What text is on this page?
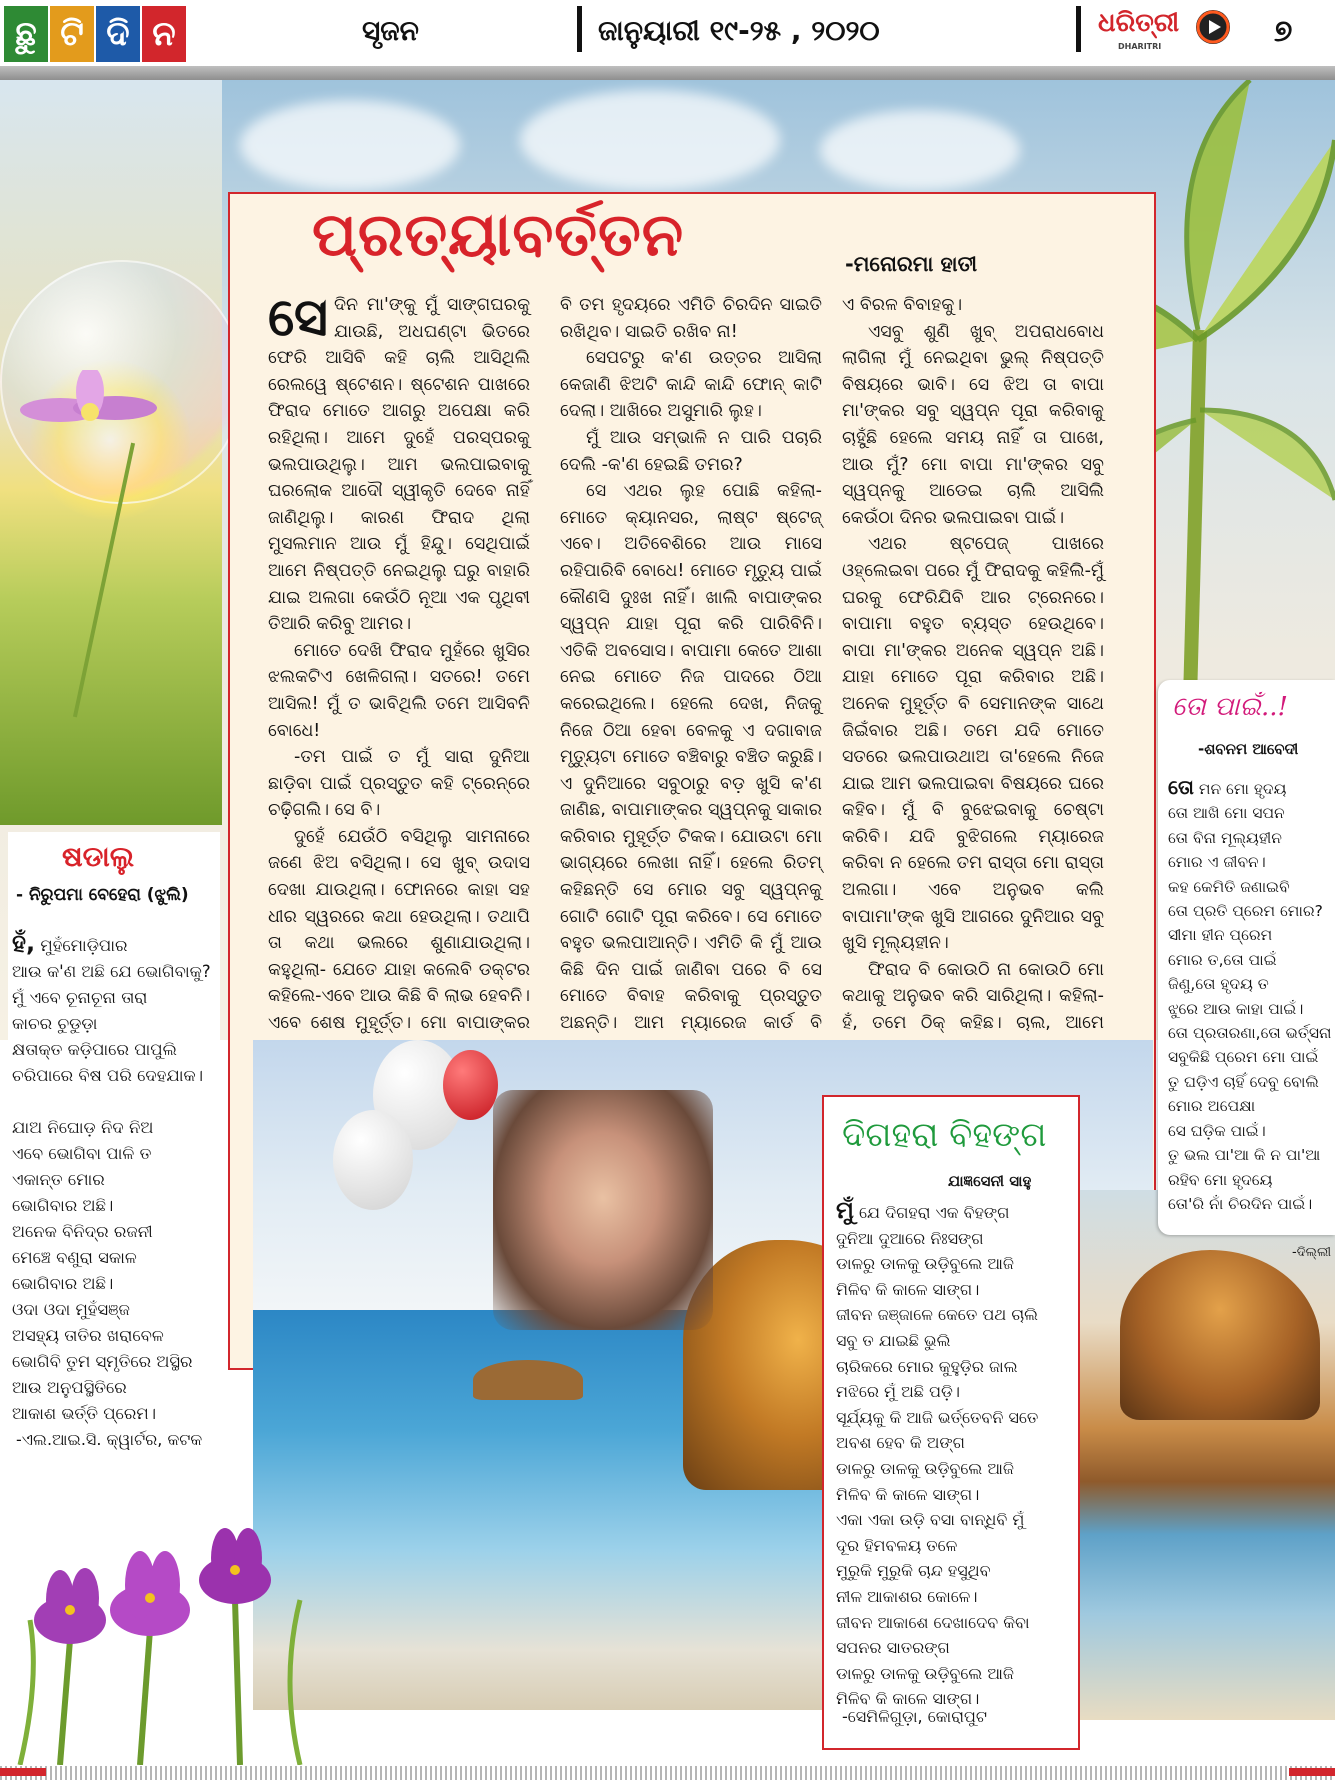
ଛୁ ଟି ଦି ନ	ସୃଜନ	ଜାନୁୟାରୀ ୧୯-୨୫ , ୨୦୨୦	ଧରିତ୍ରୀ
DHARITRI	୭
ପ୍ରତ୍ୟାବର୍ତ୍ତନ	-ମନୋରମା ହାତୀ

ସେଦିନ ମା'ଙ୍କୁ ମୁଁ ସାଙ୍ଗଘରକୁ ଯାଉଛି, ଅଧଘଣ୍ଟା ଭିତରେ ଫେରି ଆସିବି କହି ଚାଲି ଆସିଥିଲି ରେଲୱେ ଷ୍ଟେଶନ। ଷ୍ଟେଶନ ପାଖରେ ଫିରାଦ ମୋତେ ଆଗରୁ ଅପେକ୍ଷା କରି ରହିଥିଲା। ଆମେ ଦୁହେଁ ପରସ୍ପରକୁ ଭଲପାଉଥିଲୁ। ଆମ ଭଲପାଇବାକୁ ଘରଲୋକ ଆଦୌ ସ୍ୱୀକୃତି ଦେବେ ନାହିଁ ଜାଣିଥିଲୁ। କାରଣ ଫିରାଦ ଥିଲା ମୁସଲମାନ ଆଉ ମୁଁ ହିନ୍ଦୁ। ସେଥିପାଇଁ ଆମେ ନିଷ୍ପତ୍ତି ନେଇଥିଲୁ ଘରୁ ବାହାରି ଯାଇ ଅଲଗା କେଉଁଠି ନୂଆ ଏକ ପୃଥିବୀ ତିଆରି କରିବୁ ଆମର।

ମୋତେ ଦେଖି ଫିରାଦ ମୁହଁରେ ଖୁସିର ଝଲକଟିଏ ଖେଳିଗଲା। ସତରେ! ତମେ ଆସିଲ! ମୁଁ ତ ଭାବିଥିଲି ତମେ ଆସିବନି ବୋଧେ!

-ତମ ପାଇଁ ତ ମୁଁ ସାରା ଦୁନିଆ ଛାଡ଼ିବା ପାଇଁ ପ୍ରସ୍ତୁତ କହି ଟ୍ରେନ୍‌ରେ ଚଢ଼ିଗଲି। ସେ ବି।

ଦୁହେଁ ଯେଉଁଠି ବସିଥିଲୁ ସାମନାରେ ଜଣେ ଝିଅ ବସିଥିଲା। ସେ ଖୁବ୍ ଉଦାସ ଦେଖା ଯାଉଥିଲା। ଫୋନରେ କାହା ସହ ଧୀର ସ୍ୱରରେ କଥା ହେଉଥିଲା। ତଥାପି ତା କଥା ଭଲରେ ଶୁଣାଯାଉଥିଲା। କହୁଥିଲା- ଯେତେ ଯାହା କଲେବି ଡକ୍ଟର କହିଲେ-ଏବେ ଆଉ କିଛି ବି ଲାଭ ହେବନି। ଏବେ ଶେଷ ମୁହୂର୍ତ୍ତ। ମୋ ବାପାଙ୍କର

ବି ତମ ହୃଦୟରେ ଏମିତି ଚିରଦିନ ସାଇତି ରଖିଥିବ। ସାଇତି ରଖିବ ନା!

ସେପଟରୁ କ'ଣ ଉତ୍ତର ଆସିଲା କେଜାଣି ଝିଅଟି କାନ୍ଦି କାନ୍ଦି ଫୋନ୍ କାଟି ଦେଲା। ଆଖିରେ ଅସୁମାରି ଲୁହ।

ମୁଁ ଆଉ ସମ୍ଭାଳି ନ ପାରି ପଚାରି ଦେଲି -କ'ଣ ହେଇଛି ତମର?

ସେ ଏଥର ଲୁହ ପୋଛି କହିଲା- ମୋତେ କ୍ୟାନସର, ଲାଷ୍ଟ ଷ୍ଟେଜ୍ ଏବେ। ଅତିବେଶିରେ ଆଉ ମାସେ ରହିପାରିବି ବୋଧେ! ମୋତେ ମୃତ୍ୟୁ ପାଇଁ କୌଣସି ଦୁଃଖ ନାହିଁ। ଖାଲି ବାପାଙ୍କର ସ୍ୱପ୍ନ ଯାହା ପୂରା କରି ପାରିବିନି। ଏତିକି ଅବସୋସ। ବାପାମା କେତେ ଆଶା ନେଇ ମୋତେ ନିଜ ପାଦରେ ଠିଆ କରେଇଥିଲେ। ହେଲେ ଦେଖ, ନିଜକୁ ନିଜେ ଠିଆ ହେବା ବେଳକୁ ଏ ଦଗାବାଜ ମୃତ୍ୟୁଟା ମୋତେ ବଞ୍ଚିବାରୁ ବଞ୍ଚିତ କରୁଛି। ଏ ଦୁନିଆରେ ସବୁଠାରୁ ବଡ଼ ଖୁସି କ'ଣ ଜାଣିଛ, ବାପାମାଙ୍କର ସ୍ୱପ୍ନକୁ ସାକାର କରିବାର ମୁହୂର୍ତ୍ତ ଟିକକ। ଯୋଉଟା ମୋ ଭାଗ୍ୟରେ ଲେଖା ନାହିଁ। ହେଲେ ରିତମ୍ କହିଛନ୍ତି ସେ ମୋର ସବୁ ସ୍ୱପ୍ନକୁ ଗୋଟି ଗୋଟି ପୂରା କରିବେ। ସେ ମୋତେ ବହୁତ ଭଲପାଆନ୍ତି। ଏମିତି କି ମୁଁ ଆଉ କିଛି ଦିନ ପାଇଁ ଜାଣିବା ପରେ ବି ସେ ମୋତେ ବିବାହ କରିବାକୁ ପ୍ରସ୍ତୁତ ଅଛନ୍ତି। ଆମ ମ୍ୟାରେଜ କାର୍ଡ ବି

ଏ ବିରଳ ବିବାହକୁ।

ଏସବୁ ଶୁଣି ଖୁବ୍ ଅପରାଧବୋଧ ଲାଗିଲା ମୁଁ ନେଇଥିବା ଭୁଲ୍ ନିଷ୍ପତ୍ତି ବିଷୟରେ ଭାବି। ସେ ଝିଅ ତା ବାପା ମା'ଙ୍କର ସବୁ ସ୍ୱପ୍ନ ପୂରା କରିବାକୁ ଚାହୁଁଛି ହେଲେ ସମୟ ନାହିଁ ତା ପାଖେ, ଆଉ ମୁଁ? ମୋ ବାପା ମା'ଙ୍କର ସବୁ ସ୍ୱପ୍ନକୁ ଆଡେଇ ଚାଲି ଆସିଲି କେଉଁଠା ଦିନର ଭଲପାଇବା ପାଇଁ।

ଏଥର ଷ୍ଟପେଜ୍ ପାଖରେ ଓହ୍ଲେଇବା ପରେ ମୁଁ ଫିରାଦକୁ କହିଲି-ମୁଁ ଘରକୁ ଫେରିଯିବି ଆର ଟ୍ରେନରେ। ବାପାମା ବହୁତ ବ୍ୟସ୍ତ ହେଉଥିବେ। ବାପା ମା'ଙ୍କର ଅନେକ ସ୍ୱପ୍ନ ଅଛି। ଯାହା ମୋତେ ପୂରା କରିବାର ଅଛି। ଅନେକ ମୁହୂର୍ତ୍ତ ବି ସେମାନଙ୍କ ସାଥେ ଜିଇଁବାର ଅଛି। ତମେ ଯଦି ମୋତେ ସତରେ ଭଲପାଉଥାଅ ତା'ହେଲେ ନିଜେ ଯାଇ ଆମ ଭଲପାଇବା ବିଷୟରେ ଘରେ କହିବ। ମୁଁ ବି ବୁଝେଇବାକୁ ଚେଷ୍ଟା କରିବି। ଯଦି ବୁଝିଗଲେ ମ୍ୟାରେଜ କରିବା ନ ହେଲେ ତମ ରାସ୍ତା ମୋ ରାସ୍ତା ଅଲଗା। ଏବେ ଅନୁଭବ କଲି ବାପାମା'ଙ୍କ ଖୁସି ଆଗରେ ଦୁନିଆର ସବୁ ଖୁସି ମୂଲ୍ୟହୀନ।

ଫିରାଦ ବି କୋଉଠି ନା କୋଉଠି ମୋ କଥାକୁ ଅନୁଭବ କରି ସାରିଥିଲା। କହିଲା-ହଁ, ତମେ ଠିକ୍ କହିଛ। ଚାଲ, ଆମେ

ଷଡାଲୁ
- ନିରୁପମା ବେହେରା (ଝୁଲି)
ହଁ, ମୁହଁମୋଡ଼ିପାର
ଆଉ କ'ଣ ଅଛି ଯେ ଭୋଗିବାକୁ?
ମୁଁ ଏବେ ଚୂନାଚୂନା ତାରା
କାଚର ଚୁଡୁଡ଼ା
କ୍ଷତାକ୍ତ କଡ଼ିପାରେ ପାପୁଲି
ଚରିପାରେ ବିଷ ପରି ଦେହଯାକ।

ଯାଅ ନିଘୋଡ଼ ନିଦ ନିଅ
ଏବେ ଭୋଗିବା ପାଳି ତ
ଏକାନ୍ତ ମୋର
ଭୋଗିବାର ଅଛି।
ଅନେକ ବିନିଦ୍ର ରଜନୀ
ମେଞ୍ଚେ ବଣୁରା ସକାଳ
ଭୋଗିବାର ଅଛି।
ଓଦା ଓଦା ମୁହଁସଞ୍ଜ
ଅସହ୍ୟ ତାତିର ଖରାବେଳ
ଭୋଗିବି ତୁମ ସ୍ମୃତିରେ ଅସ୍ଥିର
ଆଉ ଅନୁପସ୍ଥିତିରେ
ଆକାଶ ଭର୍ତ୍ତି ପ୍ରେମ।
-ଏଲ.ଆଇ.ସି. କ୍ୱାର୍ଟର, କଟକ
ତୋ ପାଇଁ..!
-ଶବନମ ଆବେଦୀ
ତୋ ମନ ମୋ ହୃଦୟ
ତୋ ଆଖି ମୋ ସପନ
ତୋ ବିନା ମୂଲ୍ୟହୀନ
ମୋର ଏ ଜୀବନ।
କହ କେମିତି ଜଣାଇବି
ତୋ ପ୍ରତି ପ୍ରେମ ମୋର?
ସୀମା ହୀନ ପ୍ରେମ
ମୋର ତ,ତୋ ପାଇଁ
ଜିଣୁ,ତୋ ହୃଦୟ ତ
ଝୁରେ ଆଉ କାହା ପାଇଁ।
ତୋ ପ୍ରତାରଣା,ତୋ ଭର୍ତ୍ସନା
ସବୁକିଛି ପ୍ରେମ ମୋ ପାଇଁ
ତୁ ଘଡ଼ିଏ ଚାହିଁ ଦେବୁ ବୋଲି
ମୋର ଅପେକ୍ଷା
ସେ ଘଡ଼ିକ ପାଇଁ।
ତୁ ଭଲ ପା'ଆ କି ନ ପା'ଆ
ରହିବ ମୋ ହୃଦୟେ
ତୋ'ରି ନାଁ ଚିରଦିନ ପାଇଁ।
-ଦିଲ୍ଲୀ
ଦିଗହରା ବିହଙ୍ଗ
ଯାଜ୍ଞସେନୀ ସାହୁ
ମୁଁ ଯେ ଦିଗହରା ଏକ ବିହଙ୍ଗ
ଦୁନିଆ ଦୁଆରେ ନିଃସଙ୍ଗ
ଡାଳରୁ ଡାଳକୁ ଉଡ଼ିବୁଲେ ଆଜି
ମିଳିବ କି କାଳେ ସାଙ୍ଗ।
ଜୀବନ ଜଞ୍ଜାଳେ କେତେ ପଥ ଚାଲି
ସବୁ ତ ଯାଇଛି ଭୁଲି
ଚାରିକରେ ମୋର କୁହୁଡ଼ିର ଜାଲ
ମଝିରେ ମୁଁ ଅଛି ପଡ଼ି।
ସୂର୍ଯ୍ୟକୁ କି ଆଜି ଭର୍ତ୍ତେବନି ସତେ
ଅବଶ ହେବ କି ଅଙ୍ଗ
ଡାଳରୁ ଡାଳକୁ ଉଡ଼ିବୁଲେ ଆଜି
ମିଳିବ କି କାଳେ ସାଙ୍ଗ।
ଏକା ଏକା ଉଡ଼ି ବସା ବାନ୍ଧିବି ମୁଁ
ଦୂର ହିମବଳୟ ତଳେ
ମୁରୁକି ମୁରୁକି ଚାନ୍ଦ ହସୁଥିବ
ନୀଳ ଆକାଶର କୋଳେ।
ଜୀବନ ଆକାଶେ ଦେଖାଦେବ କିବା
ସପନର ସାତରଙ୍ଗ
ଡାଳରୁ ଡାଳକୁ ଉଡ଼ିବୁଲେ ଆଜି
ମିଳିବ କି କାଳେ ସାଙ୍ଗ।
-ସେମିଳିଗୁଡ଼ା, କୋରାପୁଟ
